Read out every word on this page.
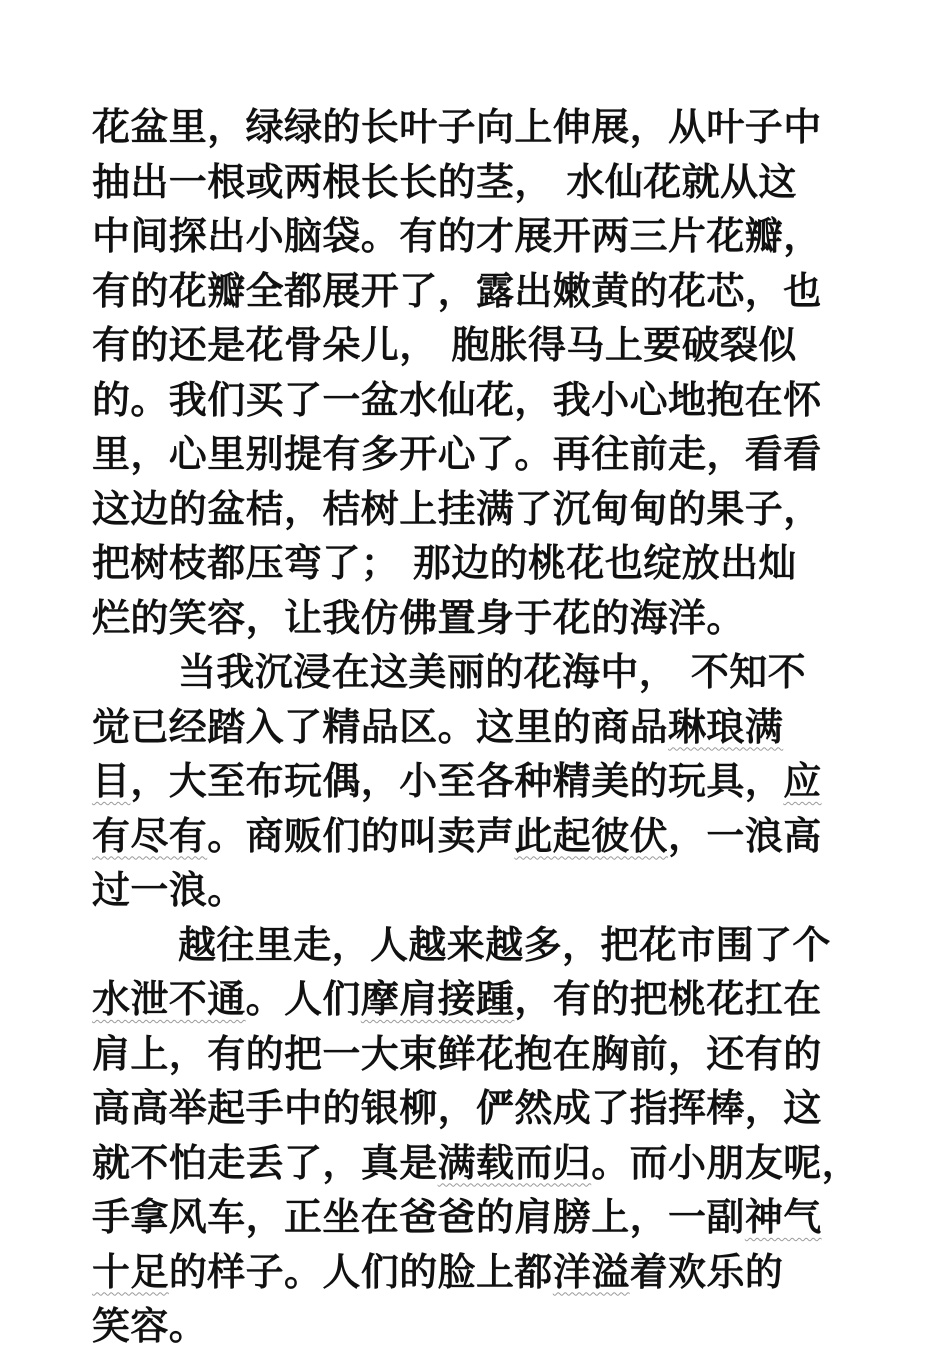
花盆里，绿绿的长叶子向上伸展，从叶子中
抽出一根或两根长长的茎， 水仙花就从这
中间探出小脑袋。有的才展开两三片花瓣，
有的花瓣全都展开了，露出嫩黄的花芯，也
有的还是花骨朵儿， 胞胀得马上要破裂似
的。我们买了一盆水仙花，我小心地抱在怀
里，心里别提有多开心了。再往前走，看看
这边的盆桔，桔树上挂满了沉甸甸的果子，
把树枝都压弯了； 那边的桃花也绽放出灿
烂的笑容，让我仿佛置身于花的海洋。
当我沉浸在这美丽的花海中， 不知不
觉已经踏入了精品区。这里的商品琳琅满
目，大至布玩偶，小至各种精美的玩具，应
有尽有。商贩们的叫卖声此起彼伏，一浪高
过一浪。
越往里走，人越来越多，把花市围了个
水泄不通。人们摩肩接踵，有的把桃花扛在
肩上，有的把一大束鲜花抱在胸前，还有的
高高举起手中的银柳，俨然成了指挥棒，这
就不怕走丢了，真是满载而归。而小朋友呢，
手拿风车，正坐在爸爸的肩膀上，一副神气
十足的样子。人们的脸上都洋溢着欢乐的
笑容。
